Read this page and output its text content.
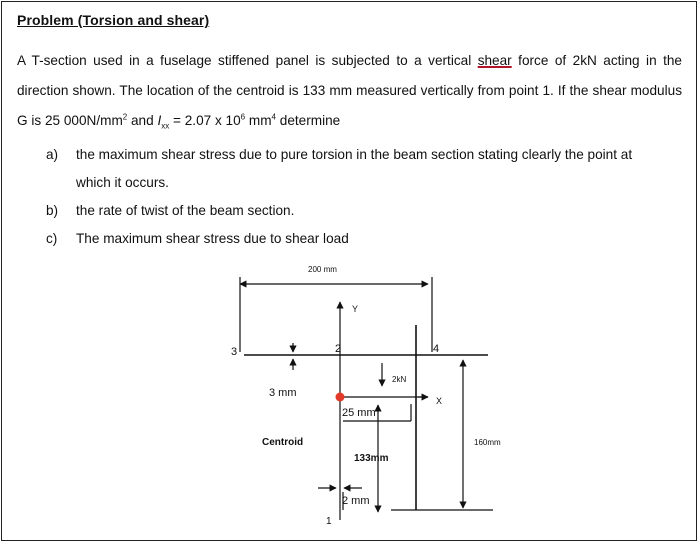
Problem (Torsion and shear)
A T-section used in a fuselage stiffened panel is subjected to a vertical shear force of 2kN acting in the direction shown. The location of the centroid is 133 mm measured vertically from point 1. If the shear modulus G is 25 $000N/mm^2$ and $I_{xx} = 2.07$ x $10^6$ $mm^4$ determine
a) the maximum shear stress due to pure torsion in the beam section stating clearly the point at
which it occurs.
b) the rate of twist of the beam section.
c) The maximum shear stress due to shear load
200 mm
Y
3	2	4
2kN
3 mm
X
25 mm
Centroid
133mm
160mm
2 mm
1
